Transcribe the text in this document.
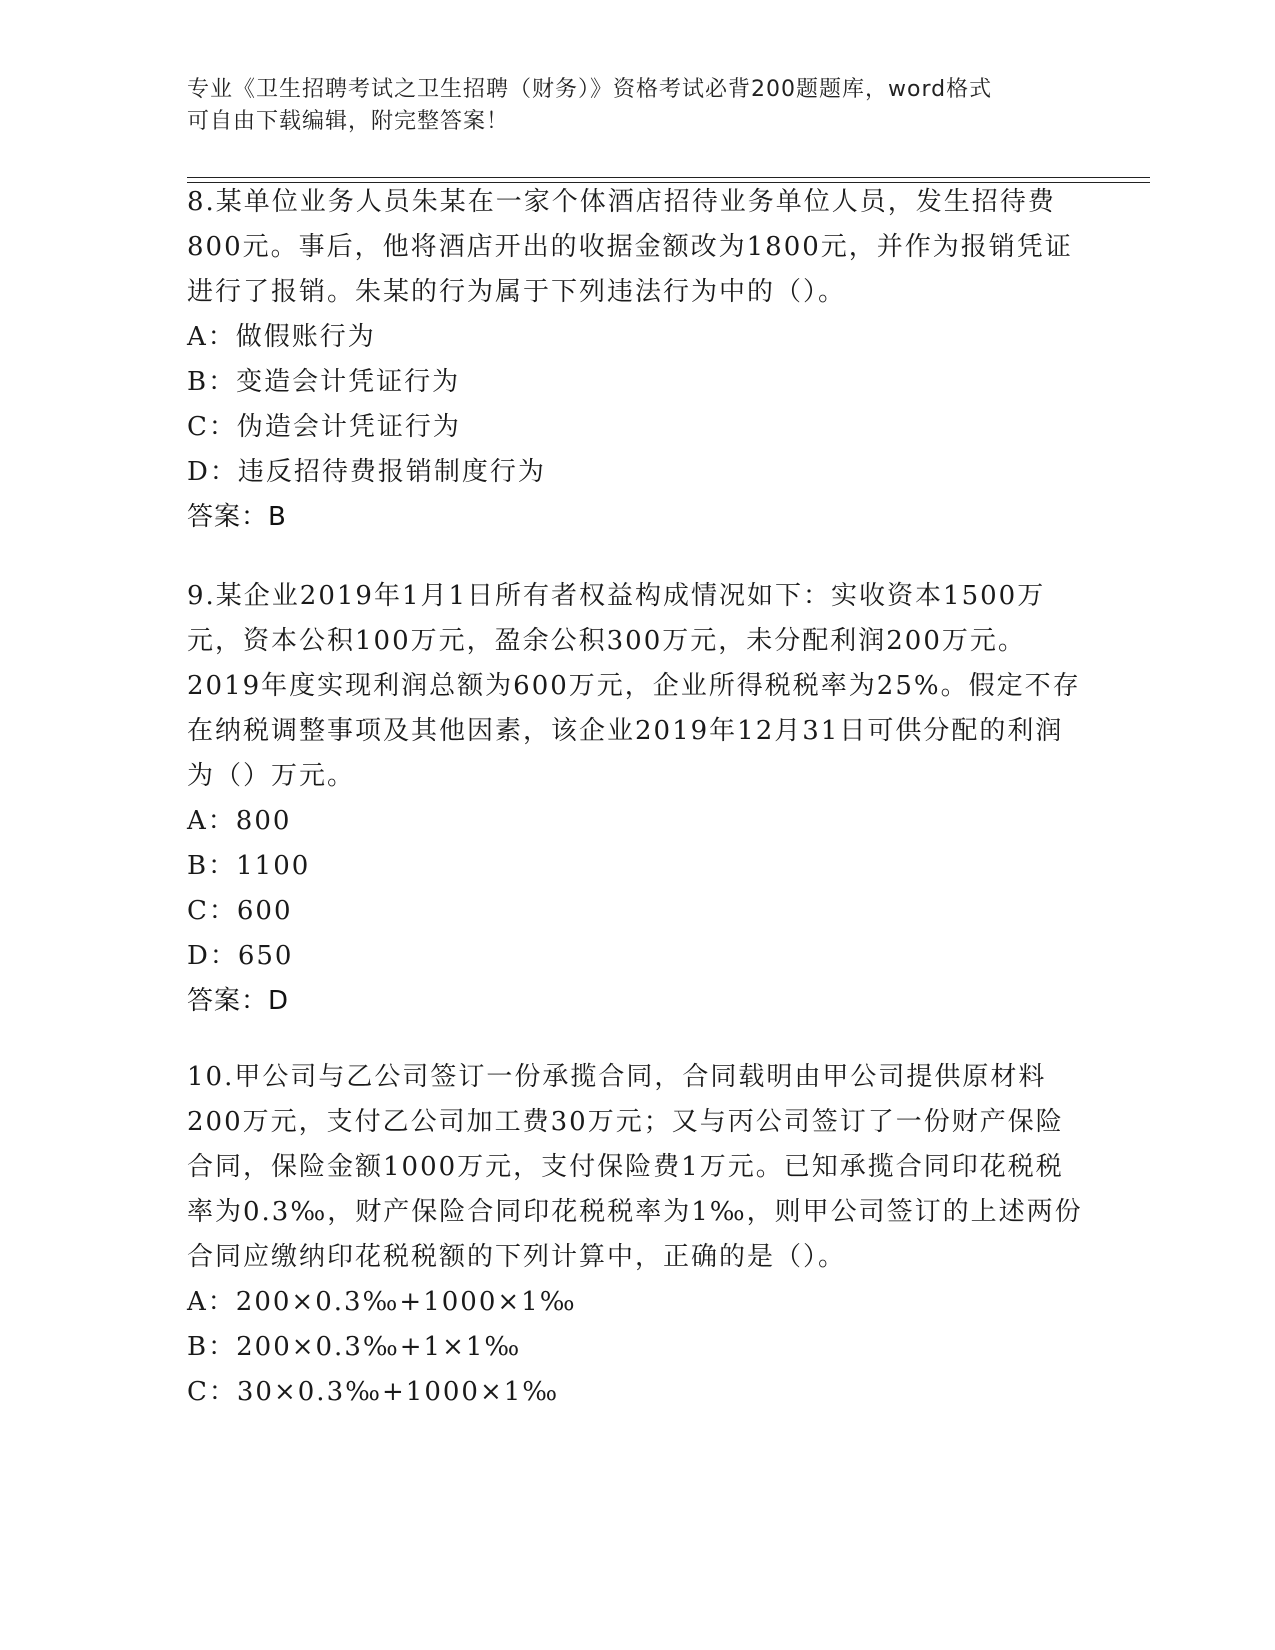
专业《卫生招聘考试之卫生招聘（财务）》资格考试必背200题题库，word格式
可自由下载编辑，附完整答案！

8.某单位业务人员朱某在一家个体酒店招待业务单位人员，发生招待费800元。事后，他将酒店开出的收据金额改为1800元，并作为报销凭证进行了报销。朱某的行为属于下列违法行为中的（）。

A：做假账行为

B：变造会计凭证行为

C：伪造会计凭证行为

D：违反招待费报销制度行为

答案：B

9.某企业2019年1月1日所有者权益构成情况如下：实收资本1500万元，资本公积100万元，盈余公积300万元，未分配利润200万元。2019年度实现利润总额为600万元，企业所得税税率为25%。假定不存在纳税调整事项及其他因素，该企业2019年12月31日可供分配的利润为（）万元。

A：800

B：1100

C：600

D：650

答案：D

10.甲公司与乙公司签订一份承揽合同，合同载明由甲公司提供原材料200万元，支付乙公司加工费30万元；又与丙公司签订了一份财产保险合同，保险金额1000万元，支付保险费1万元。已知承揽合同印花税税率为0.3‰，财产保险合同印花税税率为1‰，则甲公司签订的上述两份合同应缴纳印花税税额的下列计算中，正确的是（）。

A：200×0.3‰+1000×1‰

B：200×0.3‰+1×1‰

C：30×0.3‰+1000×1‰
